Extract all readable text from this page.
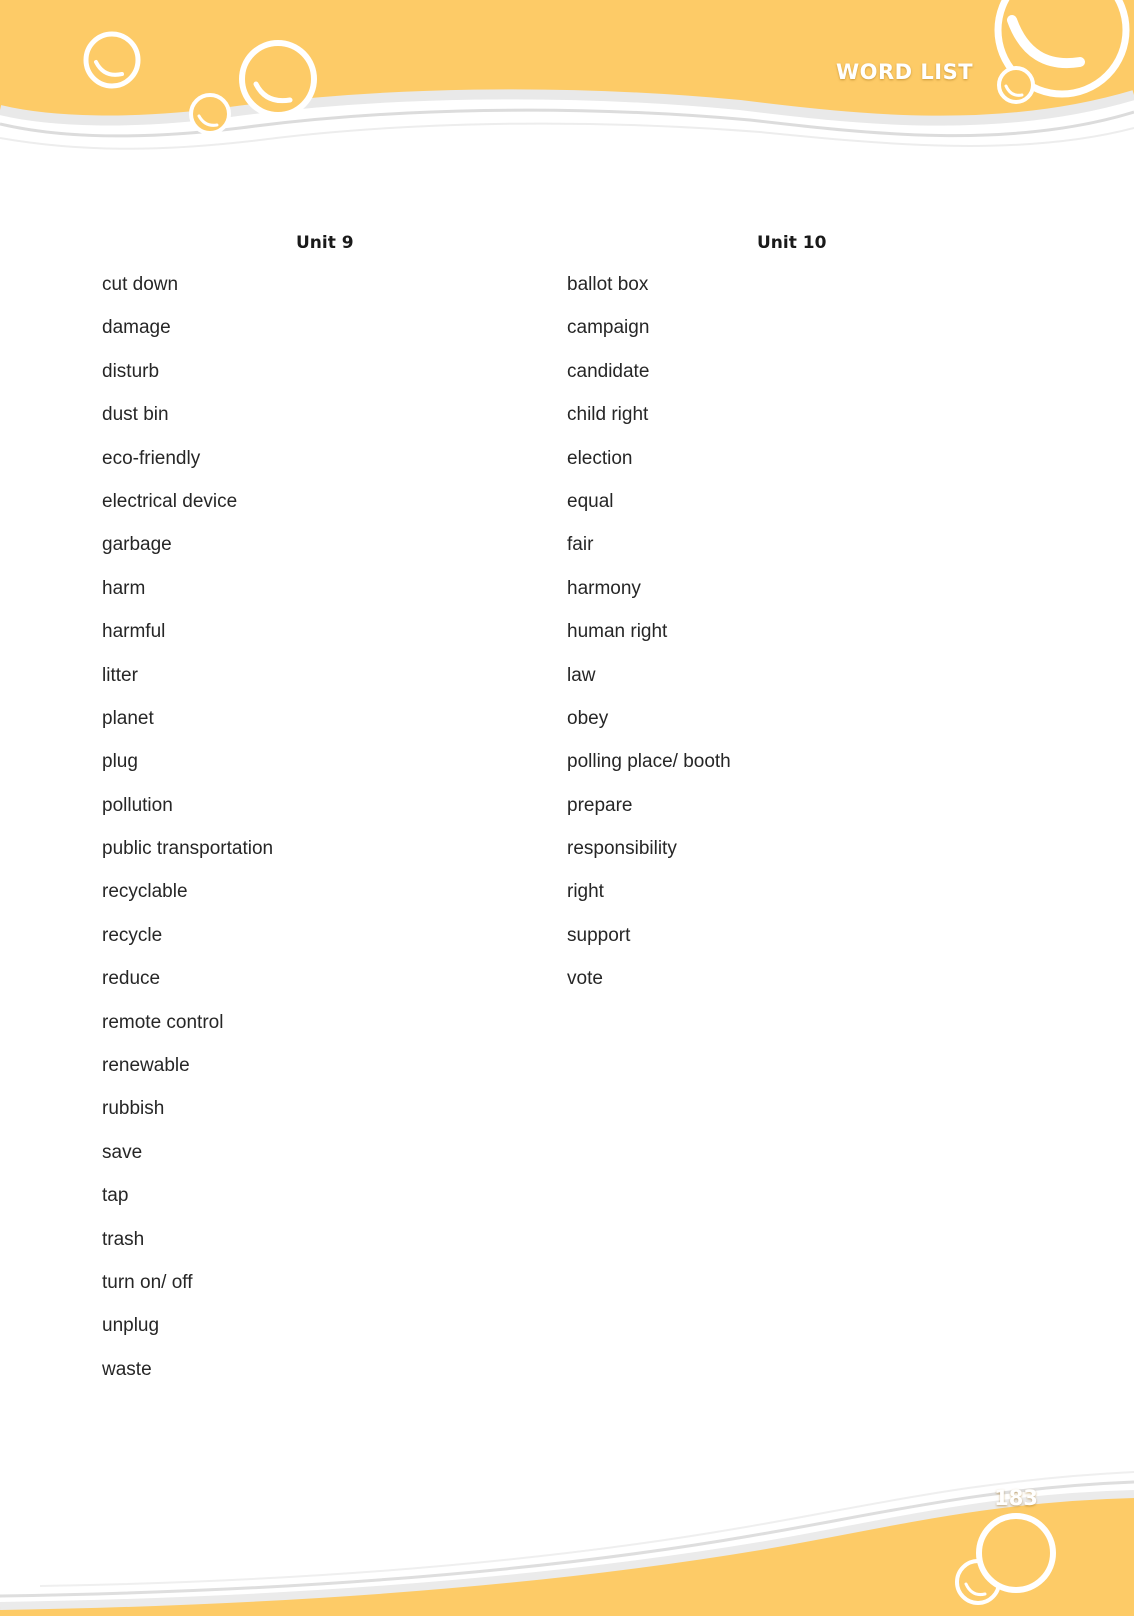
WORD LIST
Unit 9
cut down
damage
disturb
dust bin
eco-friendly
electrical device
garbage
harm
harmful
litter
planet
plug
pollution
public transportation
recyclable
recycle
reduce
remote control
renewable
rubbish
save
tap
trash
turn on/ off
unplug
waste
Unit 10
ballot box
campaign
candidate
child right
election
equal
fair
harmony
human right
law
obey
polling place/ booth
prepare
responsibility
right
support
vote
183
